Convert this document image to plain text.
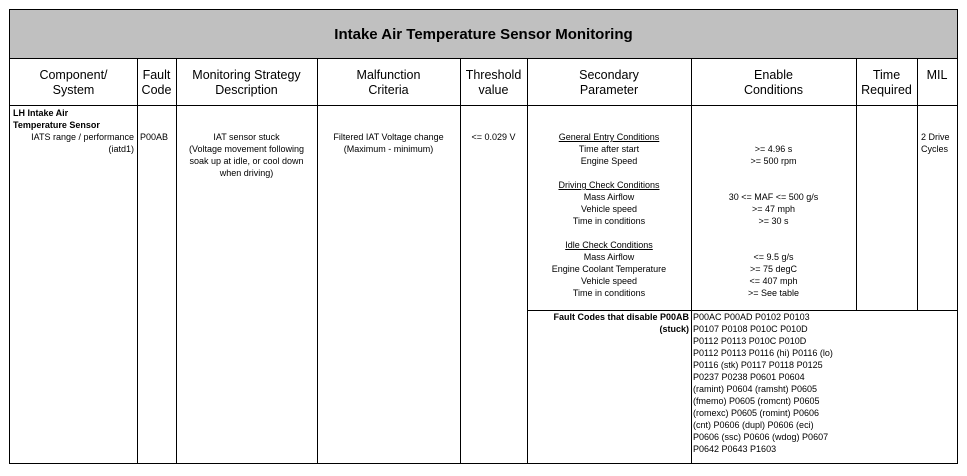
Intake Air Temperature Sensor Monitoring
Component/
System
Fault
Code
Monitoring Strategy
Description
Malfunction
Criteria
Threshold
value
Secondary
Parameter
Enable
Conditions
Time
Required
MIL
LH Intake Air
Temperature Sensor
IATS range / performance
(iatd1)
P00AB	IAT sensor stuck
(Voltage movement following
soak up at idle, or cool down
when driving)
Filtered IAT Voltage change
(Maximum - minimum)
<= 0.029 V	2 Drive
Cycles
General Entry Conditions
Time after start
Engine Speed
Driving Check Conditions
Mass Airflow
Vehicle speed
Time in conditions
Idle Check Conditions
Mass Airflow
Engine Coolant Temperature
Vehicle speed
Time in conditions
>= 4.96 s
>= 500 rpm
30 <= MAF <= 500 g/s
>= 47 mph
>= 30 s
<= 9.5 g/s
>= 75 degC
<= 407 mph
>= See table
Fault Codes that disable P00AB
(stuck)
P00AC P00AD P0102 P0103
P0107 P0108 P010C P010D
P0112 P0113 P010C P010D
P0112 P0113 P0116 (hi) P0116 (lo)
P0116 (stk) P0117 P0118 P0125
P0237 P0238 P0601 P0604
(ramint) P0604 (ramsht) P0605
(fmemo) P0605 (romcnt) P0605
(romexc) P0605 (romint) P0606
(cnt) P0606 (dupl) P0606 (eci)
P0606 (ssc) P0606 (wdog) P0607
P0642 P0643 P1603
